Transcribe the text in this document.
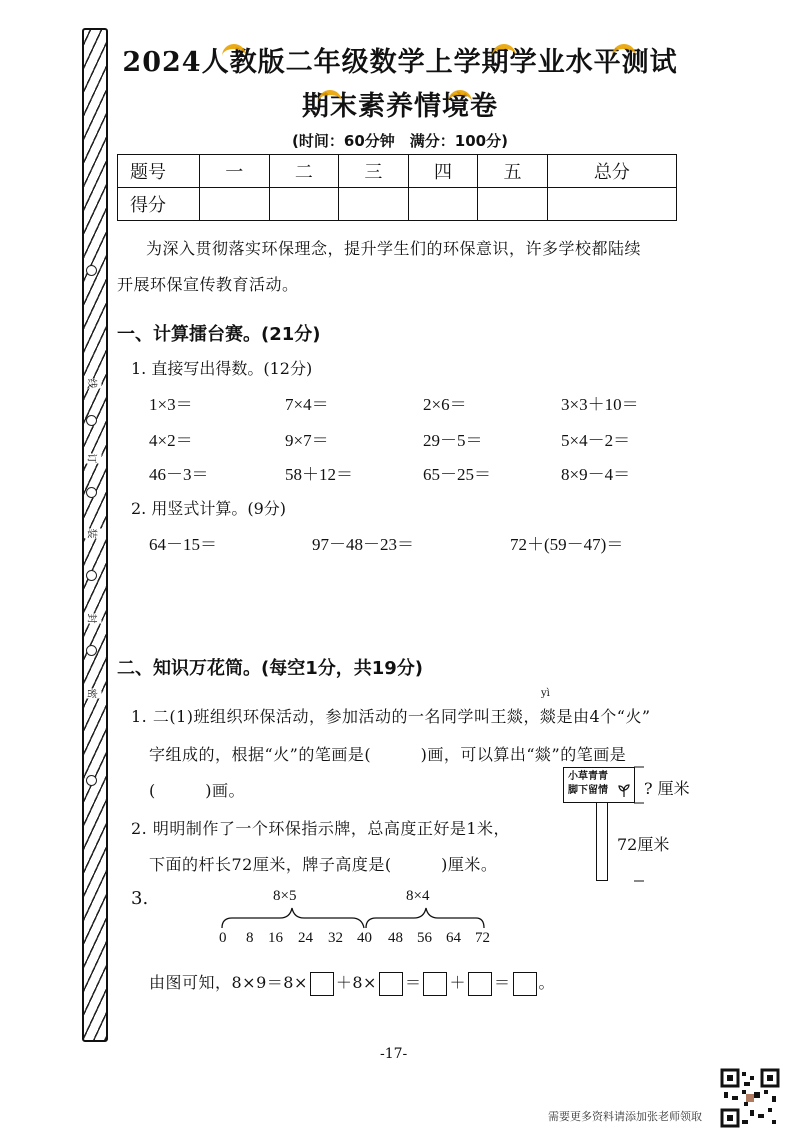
线
订
装
封
密
2024人教版二年级数学上学期学业水平测试
期末素养情境卷
(时间：60分钟　满分：100分)
题号	一	二	三	四	五	总分
得分						
为深入贯彻落实环保理念，提升学生们的环保意识，许多学校都陆续
开展环保宣传教育活动。
一、计算擂台赛。(21分)
1. 直接写出得数。(12分)
1×3＝	7×4＝	2×6＝	3×3＋10＝
4×2＝	9×7＝	29－5＝	5×4－2＝
46－3＝	58＋12＝	65－25＝	8×9－4＝
2. 用竖式计算。(9分)
64－15＝	97－48－23＝	72＋(59－47)＝
二、知识万花筒。(每空1分，共19分)
yì
1. 二(1)班组织环保活动，参加活动的一名同学叫王燚，燚是由4个“火”
字组成的，根据“火”的笔画是(　　　)画，可以算出“燚”的笔画是
(　　　)画。
小草青青
脚下留情	? 厘米
72厘米
2. 明明制作了一个环保指示牌，总高度正好是1米，
下面的杆长72厘米，牌子高度是(　　　)厘米。
3.	8×5	8×4
0 8 16 24 32 40 48 56 64 72
由图可知，8×9＝8× ＋8× ＝ ＋ ＝ 。
-17-
需要更多资料请添加张老师领取
